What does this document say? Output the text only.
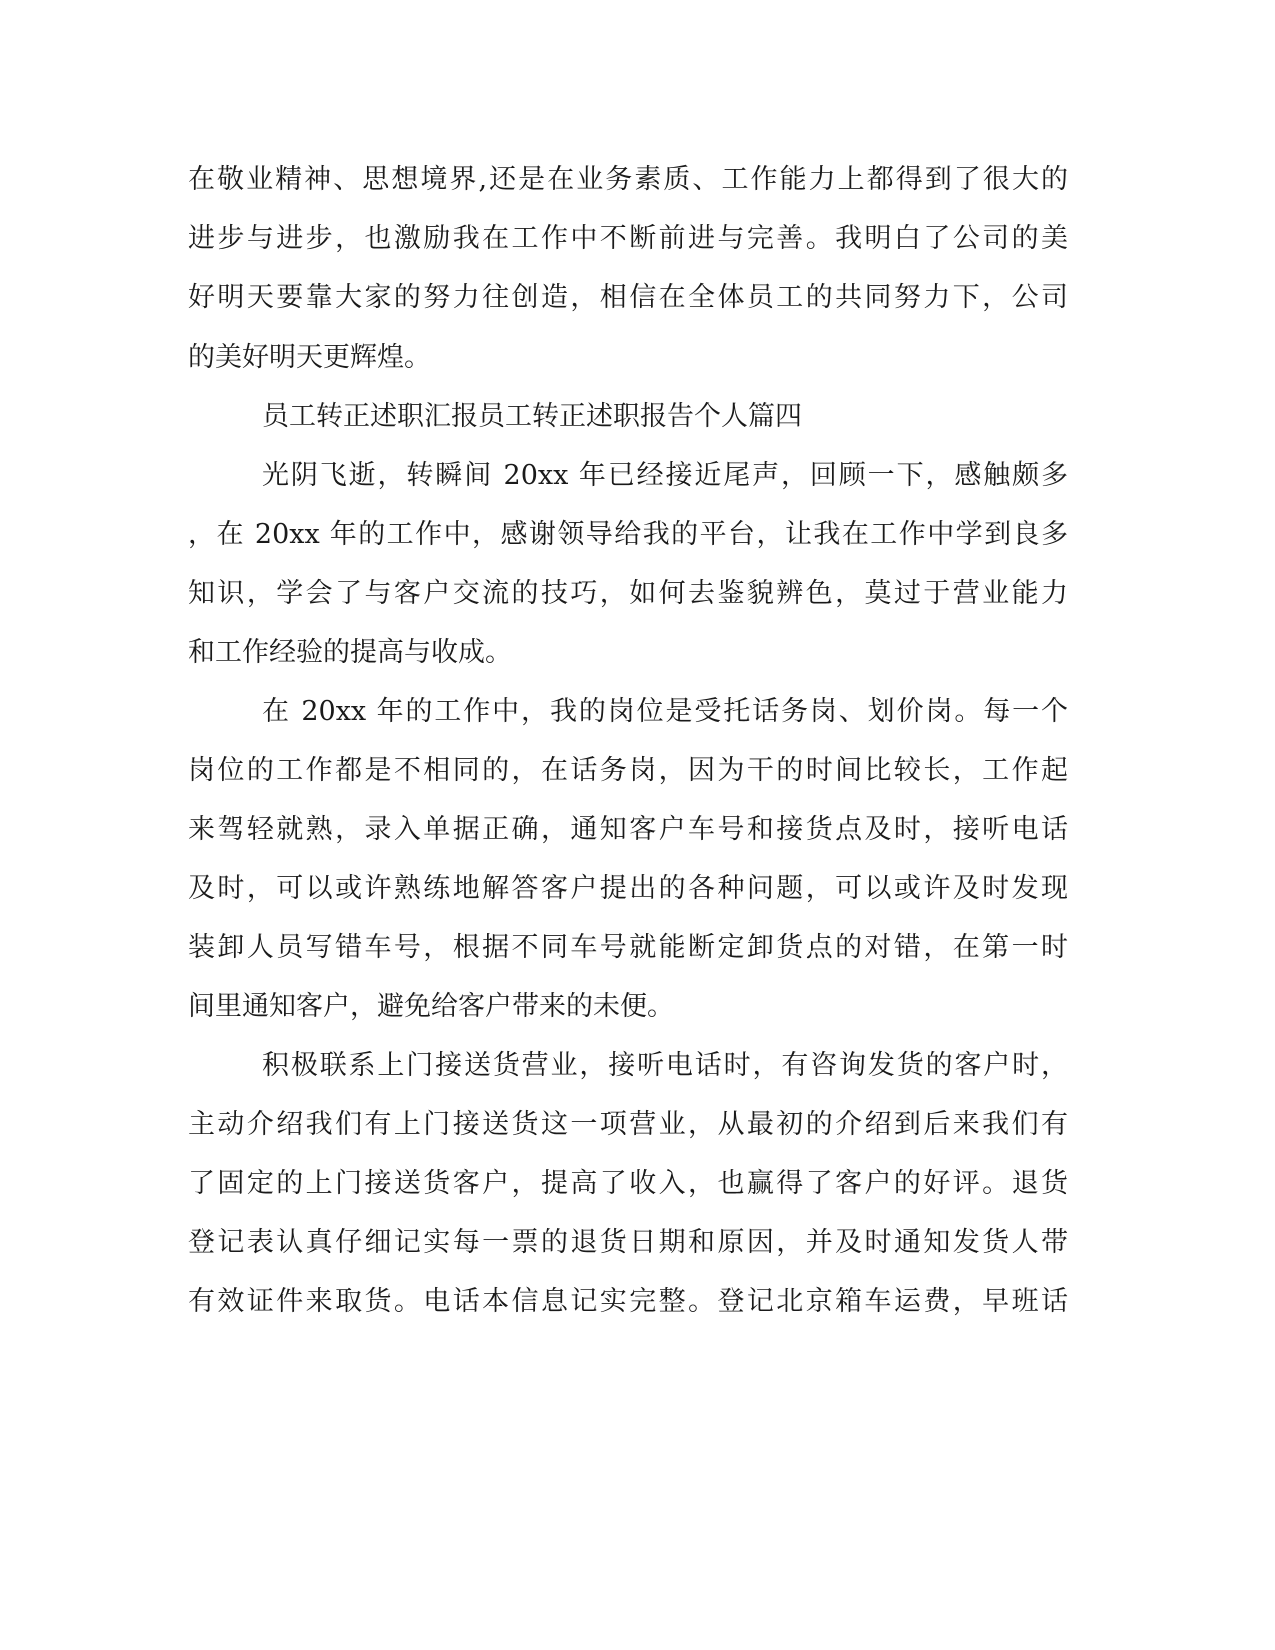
在敬业精神、思想境界,还是在业务素质、工作能力上都得到了很大的
进步与进步，也激励我在工作中不断前进与完善。我明白了公司的美
好明天要靠大家的努力往创造，相信在全体员工的共同努力下，公司
的美好明天更辉煌。
员工转正述职汇报员工转正述职报告个人篇四
光阴飞逝，转瞬间 20xx 年已经接近尾声，回顾一下，感触颇多
，在 20xx 年的工作中，感谢领导给我的平台，让我在工作中学到良多
知识，学会了与客户交流的技巧，如何去鉴貌辨色，莫过于营业能力
和工作经验的提高与收成。
在 20xx 年的工作中，我的岗位是受托话务岗、划价岗。每一个
岗位的工作都是不相同的，在话务岗，因为干的时间比较长，工作起
来驾轻就熟，录入单据正确，通知客户车号和接货点及时，接听电话
及时，可以或许熟练地解答客户提出的各种问题，可以或许及时发现
装卸人员写错车号，根据不同车号就能断定卸货点的对错，在第一时
间里通知客户，避免给客户带来的未便。
积极联系上门接送货营业，接听电话时，有咨询发货的客户时，
主动介绍我们有上门接送货这一项营业，从最初的介绍到后来我们有
了固定的上门接送货客户，提高了收入，也赢得了客户的好评。退货
登记表认真仔细记实每一票的退货日期和原因，并及时通知发货人带
有效证件来取货。电话本信息记实完整。登记北京箱车运费，早班话
